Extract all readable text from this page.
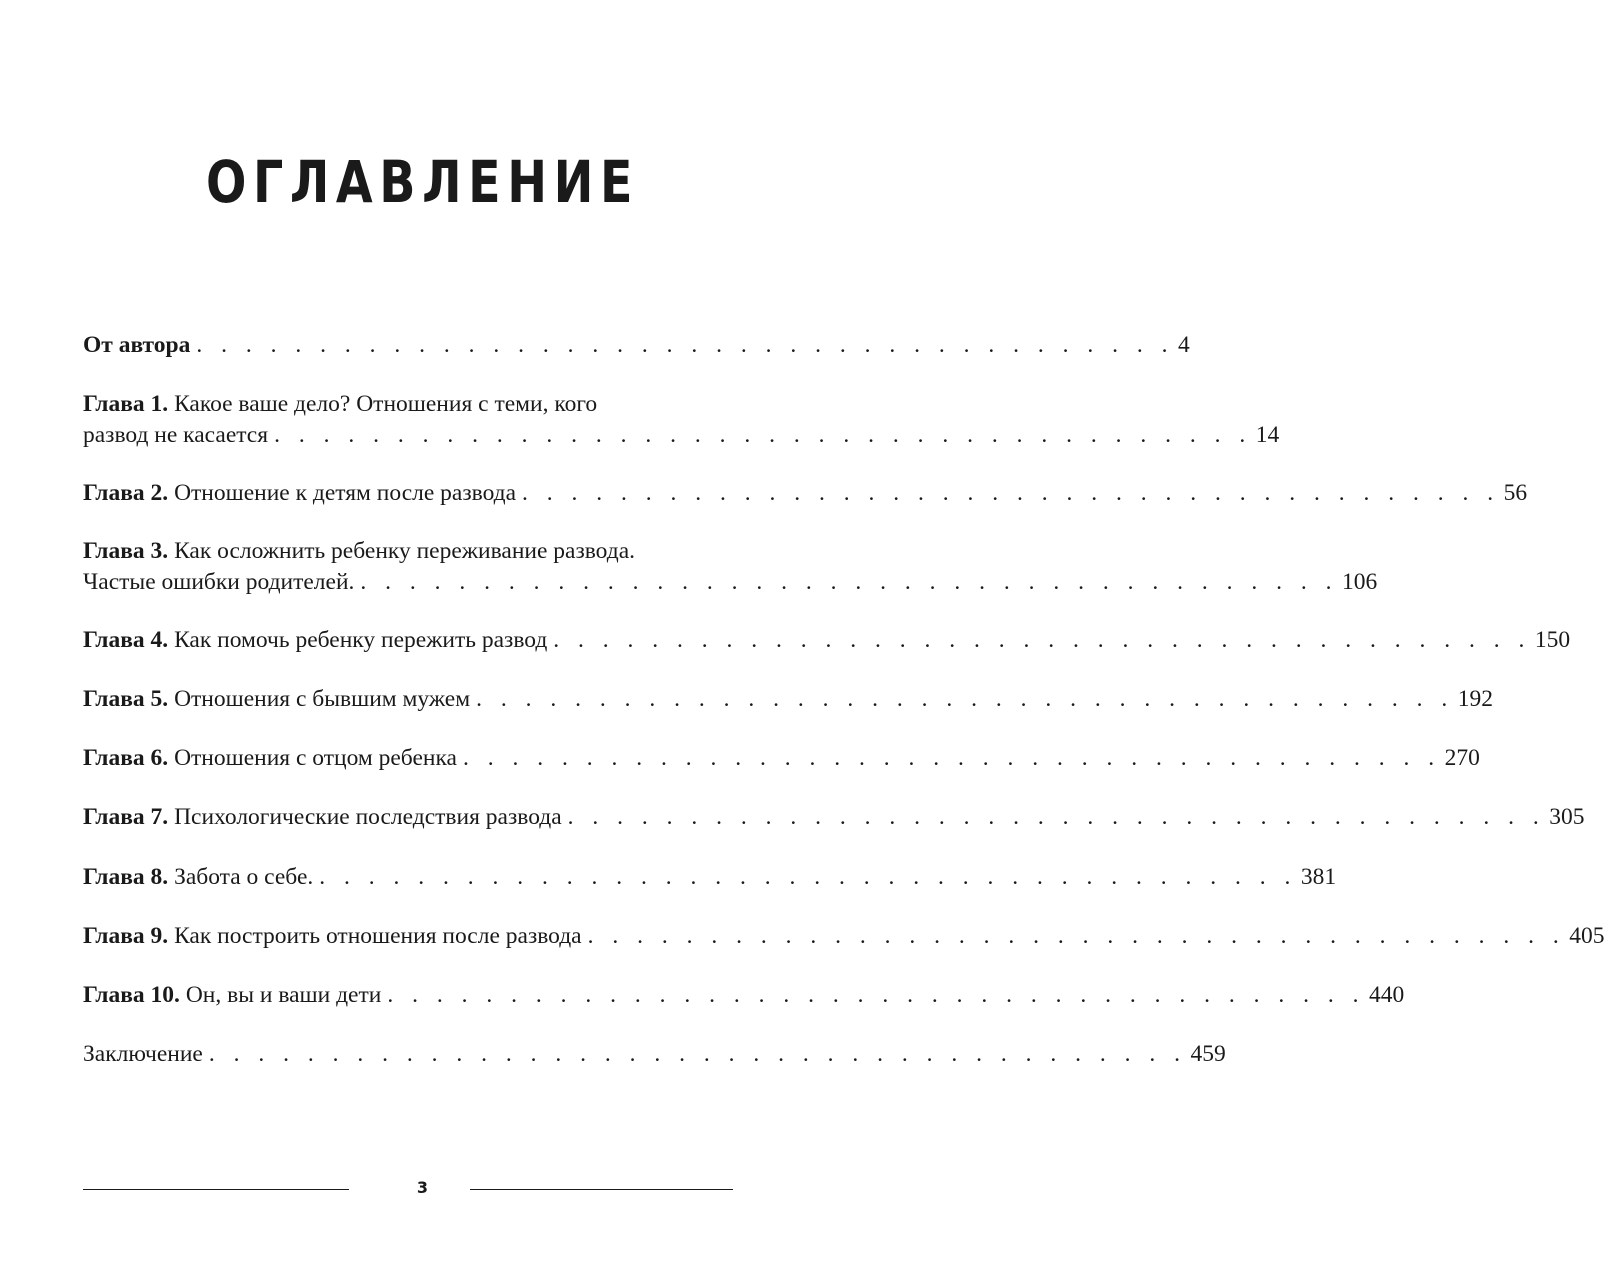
ОГЛАВЛЕНИЕ
От автора . . . . . . . . . . . . . . . . . . . . . . . . . . . . . . . . . . . . . . . . 4
Глава 1. Какое ваше дело? Отношения с теми, кого
развод не касается . . . . . . . . . . . . . . . . . . . . . . . . . . . . . . . . . . . . . . . . 14
Глава 2. Отношение к детям после развода . . . . . . . . . . . . . . . . . . . . . . . . . . . . . . . . . . . . . . . . 56
Глава 3. Как осложнить ребенку переживание развода.
Частые ошибки родителей. . . . . . . . . . . . . . . . . . . . . . . . . . . . . . . . . . . . . . . . . 106
Глава 4. Как помочь ребенку пережить развод . . . . . . . . . . . . . . . . . . . . . . . . . . . . . . . . . . . . . . . . 150
Глава 5. Отношения с бывшим мужем . . . . . . . . . . . . . . . . . . . . . . . . . . . . . . . . . . . . . . . . 192
Глава 6. Отношения с отцом ребенка . . . . . . . . . . . . . . . . . . . . . . . . . . . . . . . . . . . . . . . . 270
Глава 7. Психологические последствия развода . . . . . . . . . . . . . . . . . . . . . . . . . . . . . . . . . . . . . . . . 305
Глава 8. Забота о себе. . . . . . . . . . . . . . . . . . . . . . . . . . . . . . . . . . . . . . . . . 381
Глава 9. Как построить отношения после развода . . . . . . . . . . . . . . . . . . . . . . . . . . . . . . . . . . . . . . . . 405
Глава 10. Он, вы и ваши дети . . . . . . . . . . . . . . . . . . . . . . . . . . . . . . . . . . . . . . . . 440
Заключение . . . . . . . . . . . . . . . . . . . . . . . . . . . . . . . . . . . . . . . . 459
3
